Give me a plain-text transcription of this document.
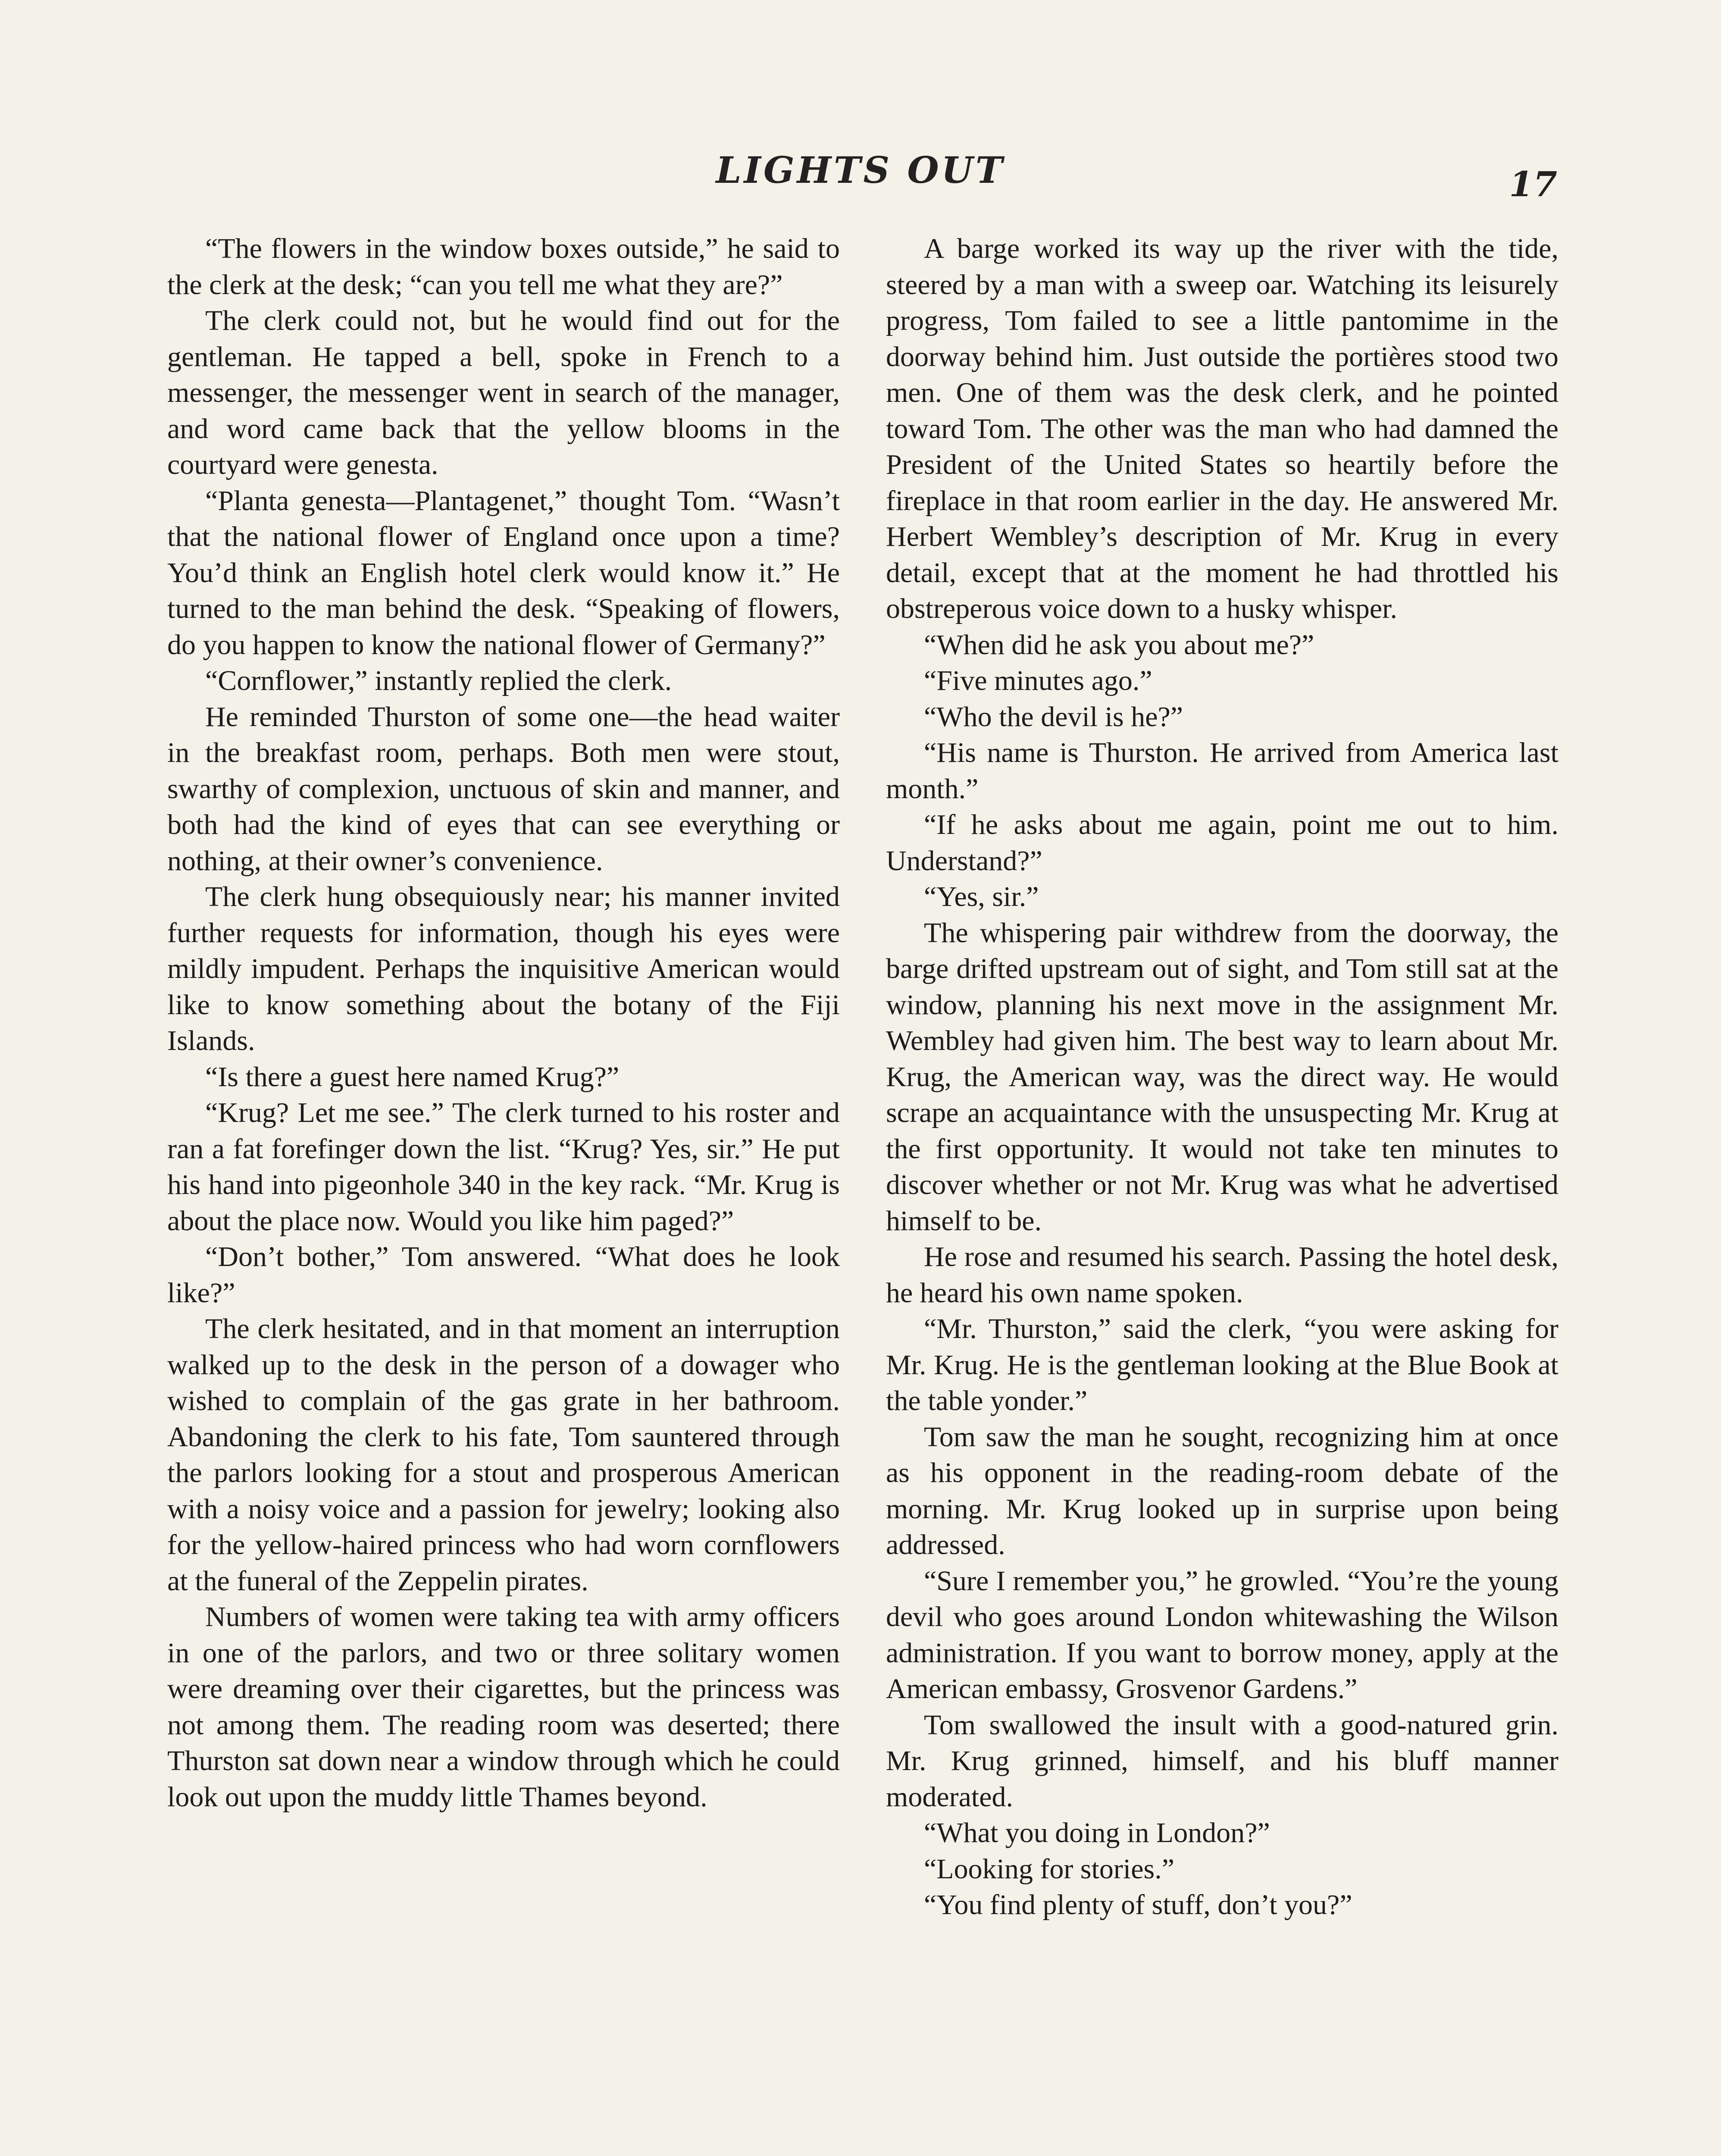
LIGHTS OUT	17

“The flowers in the window boxes outside,” he said to the clerk at the desk; “can you tell me what they are?”

The clerk could not, but he would find out for the gentleman. He tapped a bell, spoke in French to a messenger, the messenger went in search of the manager, and word came back that the yellow blooms in the courtyard were genesta.

“Planta genesta—Plantagenet,” thought Tom. “Wasn’t that the national flower of England once upon a time? You’d think an English hotel clerk would know it.” He turned to the man behind the desk. “Speaking of flowers, do you happen to know the national flower of Germany?”

“Cornflower,” instantly replied the clerk.

He reminded Thurston of some one—the head waiter in the breakfast room, perhaps. Both men were stout, swarthy of complexion, unctuous of skin and manner, and both had the kind of eyes that can see everything or nothing, at their owner’s convenience.

The clerk hung obsequiously near; his manner invited further requests for information, though his eyes were mildly impudent. Perhaps the inquisitive American would like to know something about the botany of the Fiji Islands.

“Is there a guest here named Krug?”

“Krug? Let me see.” The clerk turned to his roster and ran a fat forefinger down the list. “Krug? Yes, sir.” He put his hand into pigeonhole 340 in the key rack. “Mr. Krug is about the place now. Would you like him paged?”

“Don’t bother,” Tom answered. “What does he look like?”

The clerk hesitated, and in that moment an interruption walked up to the desk in the person of a dowager who wished to complain of the gas grate in her bathroom. Abandoning the clerk to his fate, Tom sauntered through the parlors looking for a stout and prosperous American with a noisy voice and a passion for jewelry; looking also for the yellow-haired princess who had worn cornflowers at the funeral of the Zeppelin pirates.

Numbers of women were taking tea with army officers in one of the parlors, and two or three solitary women were dreaming over their cigarettes, but the princess was not among them. The reading room was deserted; there Thurston sat down near a window through which he could look out upon the muddy little Thames beyond.

A barge worked its way up the river with the tide, steered by a man with a sweep oar. Watching its leisurely progress, Tom failed to see a little pantomime in the doorway behind him. Just outside the portières stood two men. One of them was the desk clerk, and he pointed toward Tom. The other was the man who had damned the President of the United States so heartily before the fireplace in that room earlier in the day. He answered Mr. Herbert Wembley’s description of Mr. Krug in every detail, except that at the moment he had throttled his obstreperous voice down to a husky whisper.

“When did he ask you about me?”

“Five minutes ago.”

“Who the devil is he?”

“His name is Thurston. He arrived from America last month.”

“If he asks about me again, point me out to him. Understand?”

“Yes, sir.”

The whispering pair withdrew from the doorway, the barge drifted upstream out of sight, and Tom still sat at the window, planning his next move in the assignment Mr. Wembley had given him. The best way to learn about Mr. Krug, the American way, was the direct way. He would scrape an acquaintance with the unsuspecting Mr. Krug at the first opportunity. It would not take ten minutes to discover whether or not Mr. Krug was what he advertised himself to be.

He rose and resumed his search. Passing the hotel desk, he heard his own name spoken.

“Mr. Thurston,” said the clerk, “you were asking for Mr. Krug. He is the gentleman looking at the Blue Book at the table yonder.”

Tom saw the man he sought, recognizing him at once as his opponent in the reading-room debate of the morning. Mr. Krug looked up in surprise upon being addressed.

“Sure I remember you,” he growled. “You’re the young devil who goes around London whitewashing the Wilson administration. If you want to borrow money, apply at the American embassy, Grosvenor Gardens.”

Tom swallowed the insult with a good-natured grin. Mr. Krug grinned, himself, and his bluff manner moderated.

“What you doing in London?”

“Looking for stories.”

“You find plenty of stuff, don’t you?”
